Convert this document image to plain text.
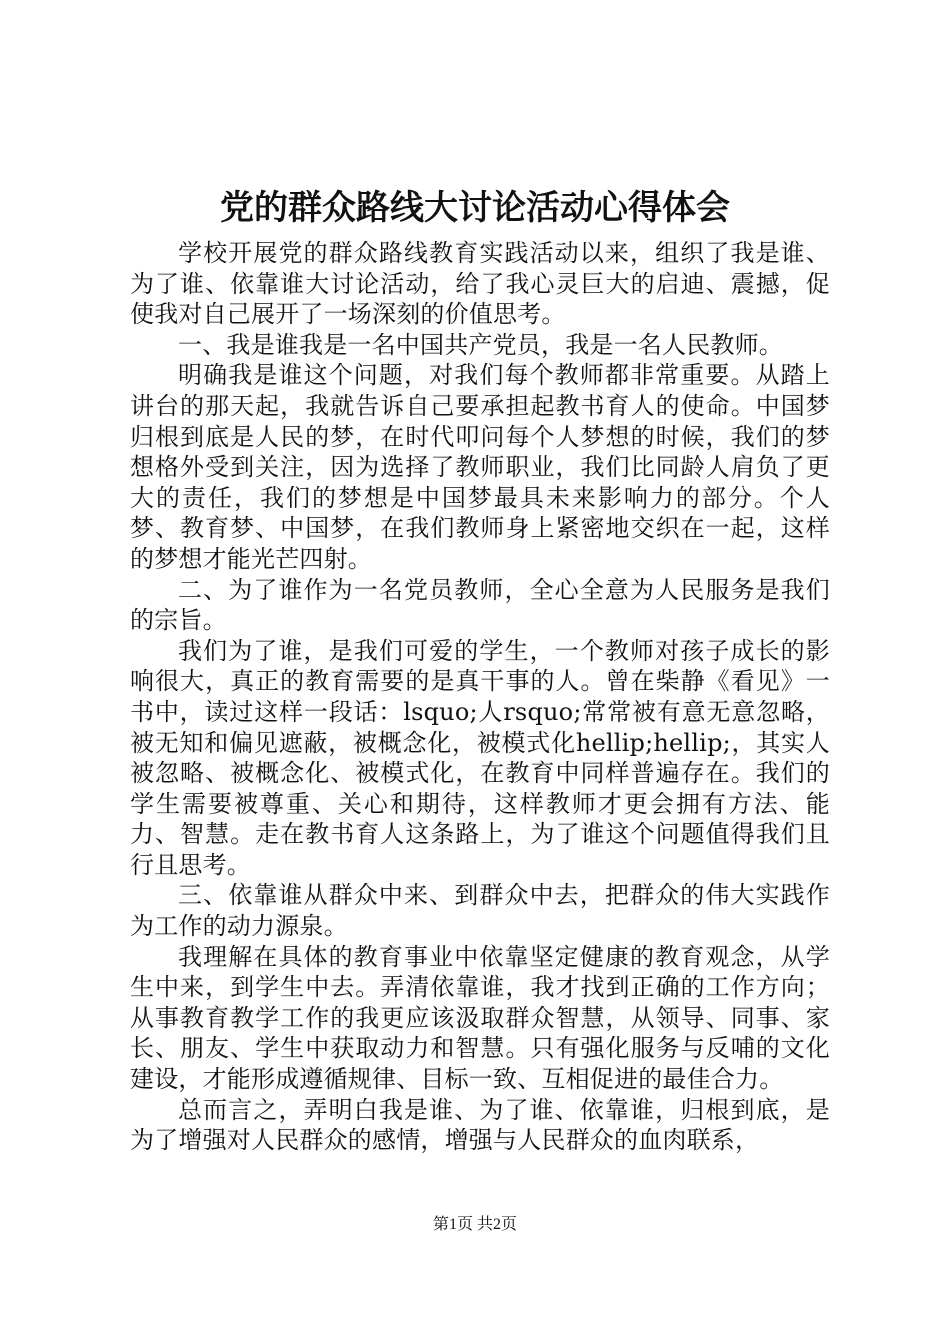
党的群众路线大讨论活动心得体会

学校开展党的群众路线教育实践活动以来，组织了我是谁、为了谁、依靠谁大讨论活动，给了我心灵巨大的启迪、震撼，促使我对自己展开了一场深刻的价值思考。

一、我是谁我是一名中国共产党员，我是一名人民教师。

明确我是谁这个问题，对我们每个教师都非常重要。从踏上讲台的那天起，我就告诉自己要承担起教书育人的使命。中国梦归根到底是人民的梦，在时代叩问每个人梦想的时候，我们的梦想格外受到关注，因为选择了教师职业，我们比同龄人肩负了更大的责任，我们的梦想是中国梦最具未来影响力的部分。个人梦、教育梦、中国梦，在我们教师身上紧密地交织在一起，这样的梦想才能光芒四射。

二、为了谁作为一名党员教师，全心全意为人民服务是我们的宗旨。

我们为了谁，是我们可爱的学生，一个教师对孩子成长的影响很大，真正的教育需要的是真干事的人。曾在柴静《看见》一书中，读过这样一段话：lsquo;人rsquo;常常被有意无意忽略，被无知和偏见遮蔽，被概念化，被模式化hellip;hellip;，其实人被忽略、被概念化、被模式化，在教育中同样普遍存在。我们的学生需要被尊重、关心和期待，这样教师才更会拥有方法、能力、智慧。走在教书育人这条路上，为了谁这个问题值得我们且行且思考。

三、依靠谁从群众中来、到群众中去，把群众的伟大实践作为工作的动力源泉。

我理解在具体的教育事业中依靠坚定健康的教育观念，从学生中来，到学生中去。弄清依靠谁，我才找到正确的工作方向；从事教育教学工作的我更应该汲取群众智慧，从领导、同事、家长、朋友、学生中获取动力和智慧。只有强化服务与反哺的文化建设，才能形成遵循规律、目标一致、互相促进的最佳合力。

总而言之，弄明白我是谁、为了谁、依靠谁，归根到底，是为了增强对人民群众的感情，增强与人民群众的血肉联系，

第1页 共2页
